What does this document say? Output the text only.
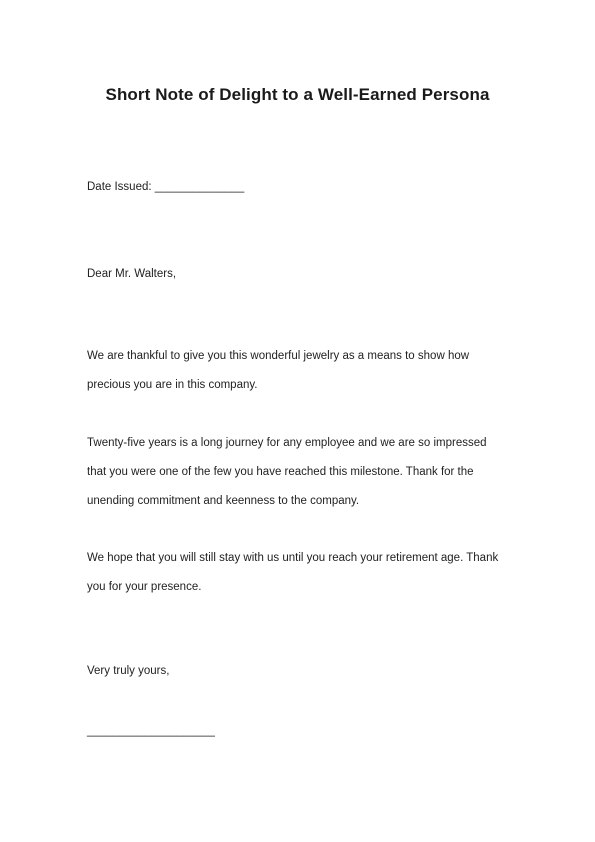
Short Note of Delight to a Well-Earned Persona
Date Issued: ______________
Dear Mr. Walters,
We are thankful to give you this wonderful jewelry as a means to show how
precious you are in this company.
Twenty-five years is a long journey for any employee and we are so impressed
that you were one of the few you have reached this milestone. Thank for the
unending commitment and keenness to the company.
We hope that you will still stay with us until you reach your retirement age. Thank
you for your presence.
Very truly yours,
____________________
